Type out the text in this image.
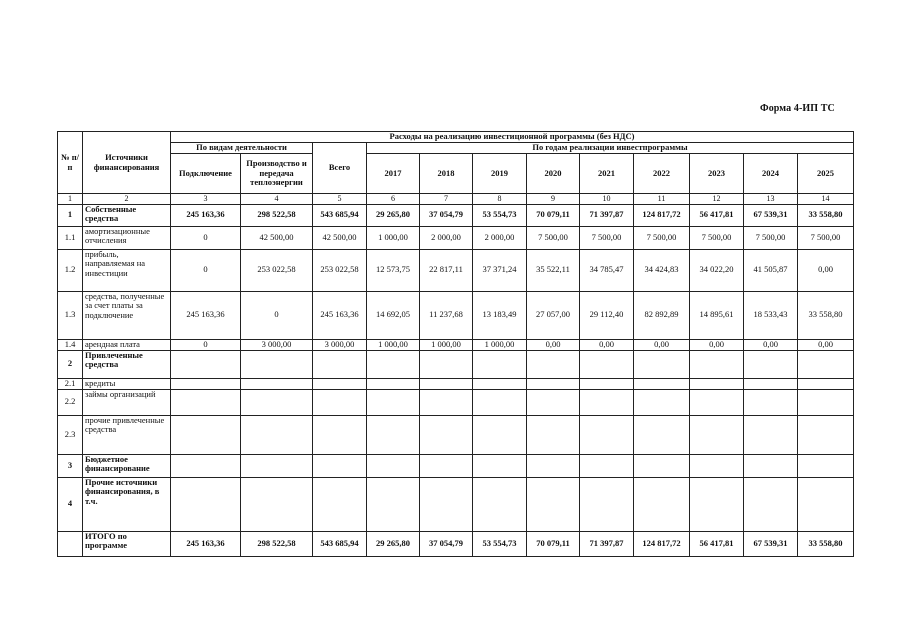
Форма 4-ИП ТС
№ п/п	Источники финансирования	Расходы на реализацию инвестиционной программы (без НДС)											
		По видам деятельности		Всего	По годам реализации инвестпрограммы								
		Подключение	Производство и передача теплоэнергии		2017	2018	2019	2020	2021	2022	2023	2024	2025
1	2	3	4	5	6	7	8	9	10	11	12	13	14
1	Собственные средства	245 163,36	298 522,58	543 685,94	29 265,80	37 054,79	53 554,73	70 079,11	71 397,87	124 817,72	56 417,81	67 539,31	33 558,80
1.1	амортизационные отчисления	0	42 500,00	42 500,00	1 000,00	2 000,00	2 000,00	7 500,00	7 500,00	7 500,00	7 500,00	7 500,00	7 500,00
1.2	прибыль, направляемая на инвестиции	0	253 022,58	253 022,58	12 573,75	22 817,11	37 371,24	35 522,11	34 785,47	34 424,83	34 022,20	41 505,87	0,00
1.3	средства, полученные за счет платы за подключение	245 163,36	0	245 163,36	14 692,05	11 237,68	13 183,49	27 057,00	29 112,40	82 892,89	14 895,61	18 533,43	33 558,80
1.4	арендная плата	0	3 000,00	3 000,00	1 000,00	1 000,00	1 000,00	0,00	0,00	0,00	0,00	0,00	0,00
2	Привлеченные средства												
2.1	кредиты												
2.2	займы организаций												
2.3	прочие привлеченные средства												
3	Бюджетное финансирование												
4	Прочие источники финансирования, в т.ч.												
	ИТОГО по программе	245 163,36	298 522,58	543 685,94	29 265,80	37 054,79	53 554,73	70 079,11	71 397,87	124 817,72	56 417,81	67 539,31	33 558,80
